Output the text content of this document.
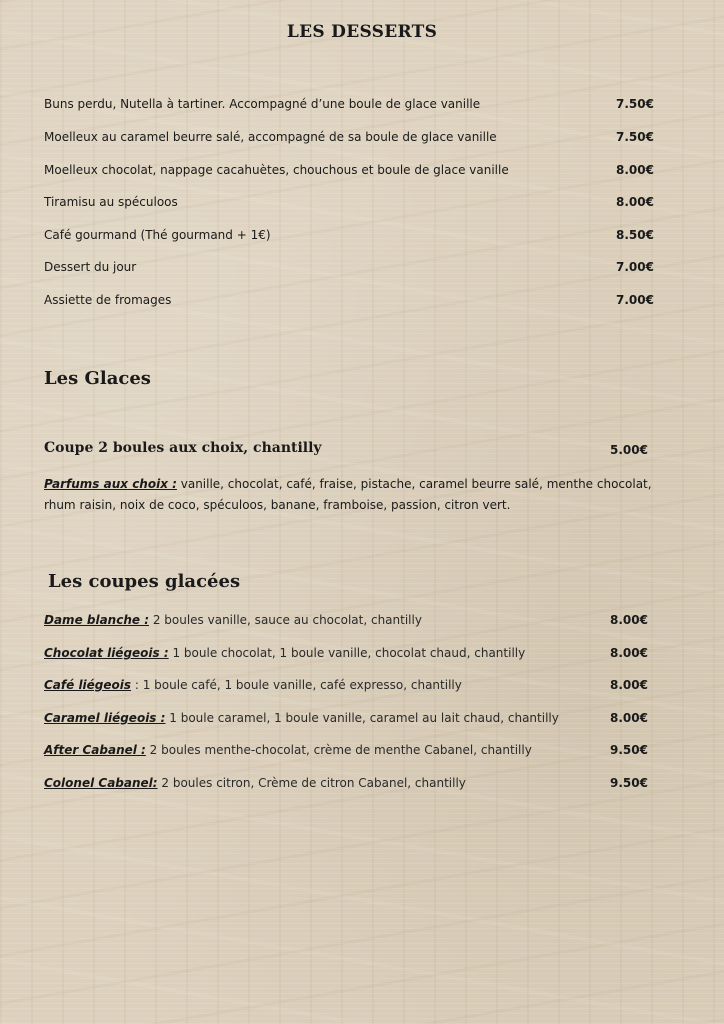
LES DESSERTS
Buns perdu, Nutella à tartiner. Accompagné d’une boule de glace vanille	7.50€
Moelleux au caramel beurre salé, accompagné de sa boule de glace vanille	7.50€
Moelleux chocolat, nappage cacahuètes, chouchous et boule de glace vanille	8.00€
Tiramisu au spéculoos	8.00€
Café gourmand (Thé gourmand + 1€)	8.50€
Dessert du jour	7.00€
Assiette de fromages	7.00€
Les Glaces
Coupe 2 boules aux choix, chantilly	5.00€
Parfums aux choix : vanille, chocolat, café, fraise, pistache, caramel beurre salé, menthe chocolat, rhum raisin, noix de coco, spéculoos, banane, framboise, passion, citron vert.
Les coupes glacées
Dame blanche : 2 boules vanille, sauce au chocolat, chantilly	8.00€
Chocolat liégeois : 1 boule chocolat, 1 boule vanille, chocolat chaud, chantilly	8.00€
Café liégeois : 1 boule café, 1 boule vanille, café expresso, chantilly	8.00€
Caramel liégeois : 1 boule caramel, 1 boule vanille, caramel au lait chaud, chantilly	8.00€
After Cabanel : 2 boules menthe-chocolat, crème de menthe Cabanel, chantilly	9.50€
Colonel Cabanel: 2 boules citron, Crème de citron Cabanel, chantilly	9.50€
